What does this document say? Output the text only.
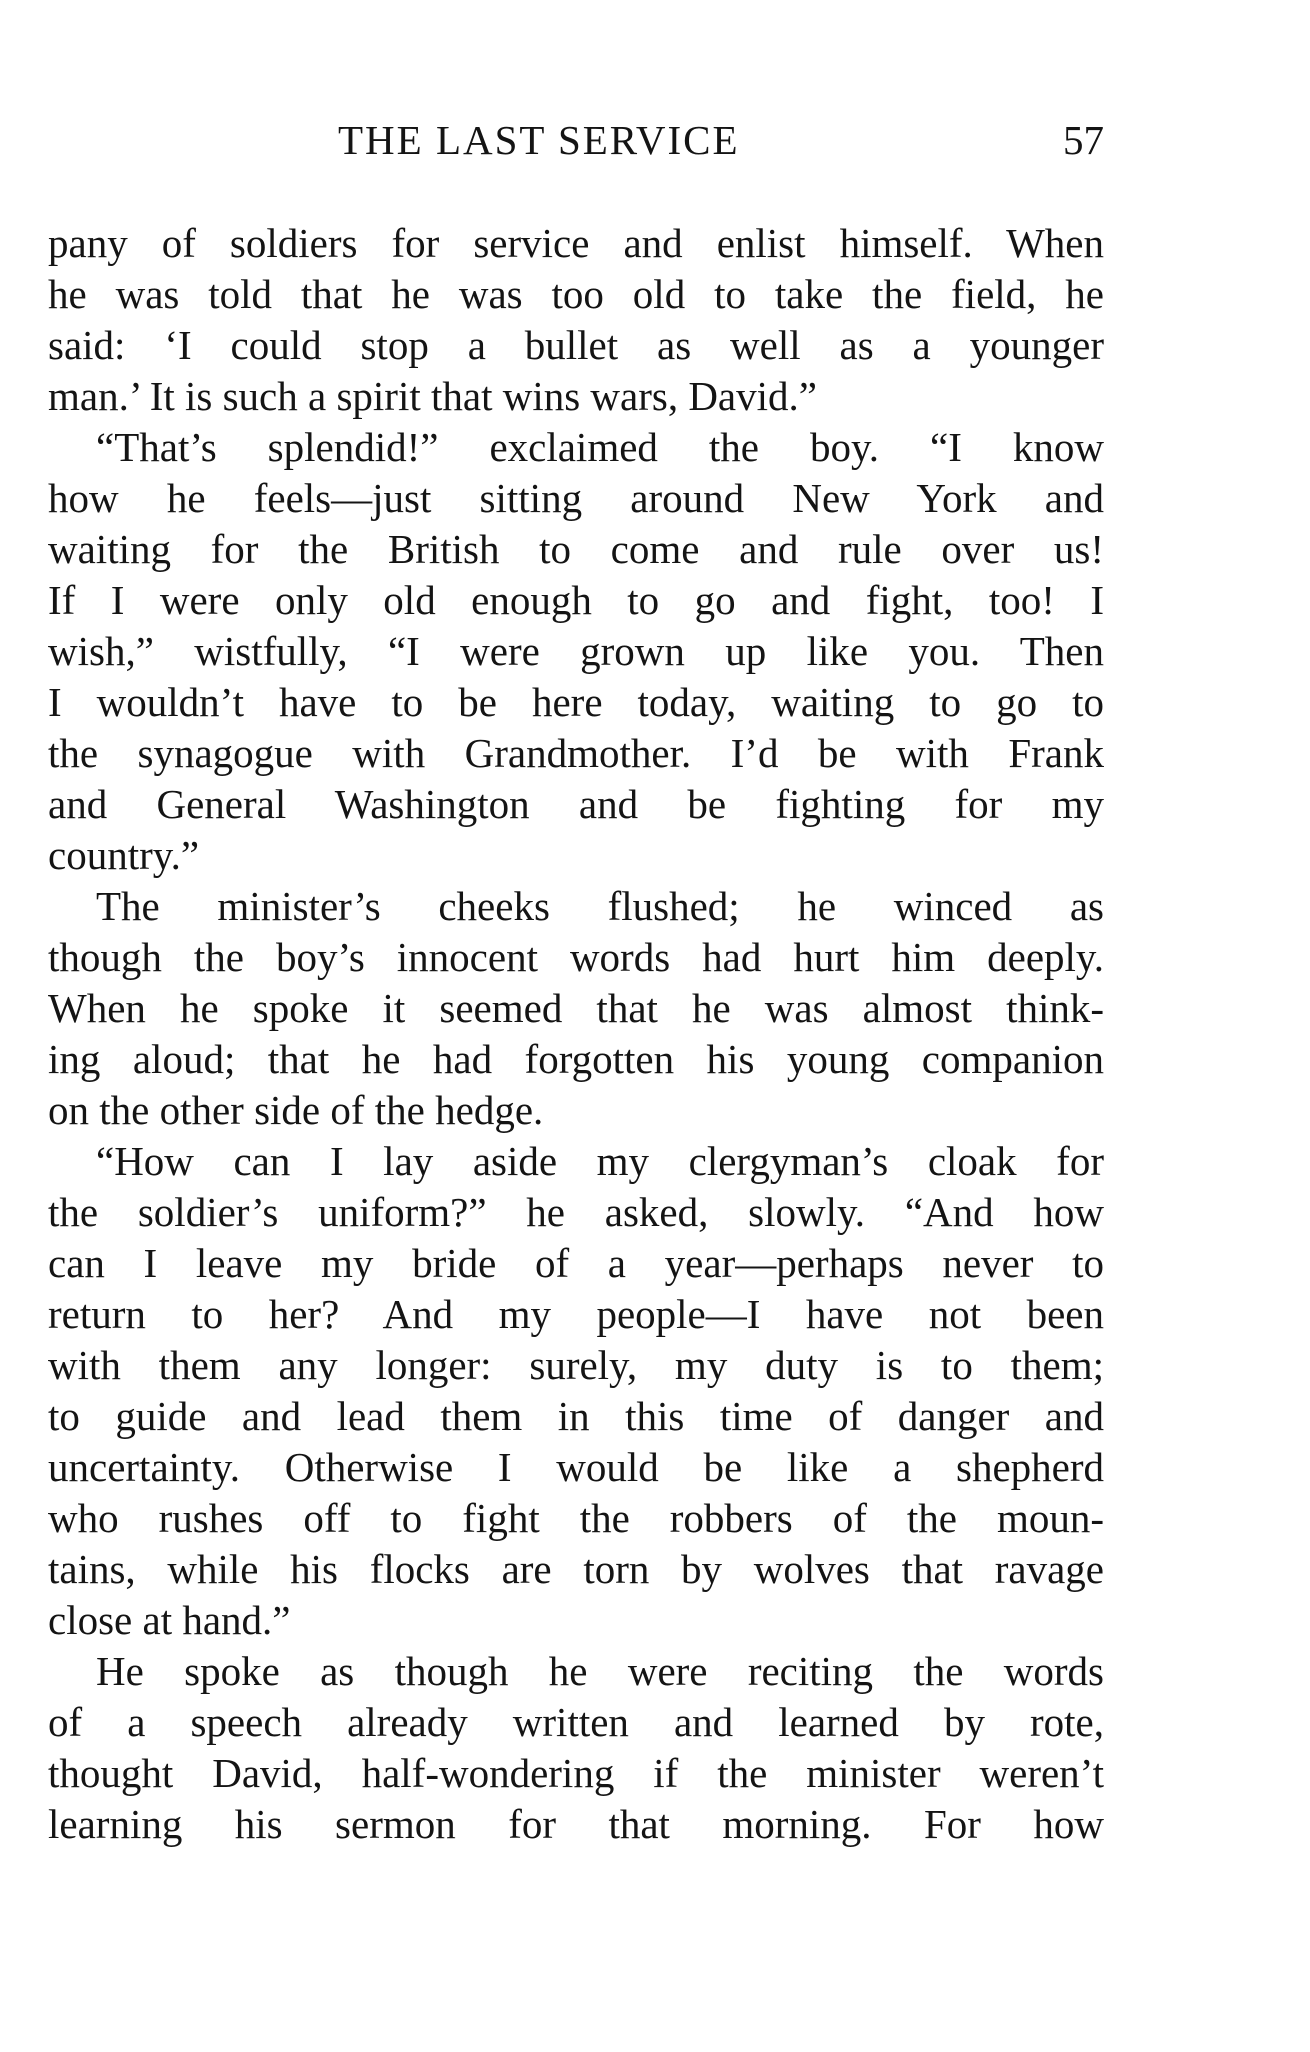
THE LAST SERVICE	57
pany of soldiers for service and enlist himself. When
he was told that he was too old to take the field, he
said: ‘I could stop a bullet as well as a younger
man.’ It is such a spirit that wins wars, David.”
“That’s splendid!” exclaimed the boy. “I know
how he feels—just sitting around New York and
waiting for the British to come and rule over us!
If I were only old enough to go and fight, too! I
wish,” wistfully, “I were grown up like you. Then
I wouldn’t have to be here today, waiting to go to
the synagogue with Grandmother. I’d be with Frank
and General Washington and be fighting for my
country.”
The minister’s cheeks flushed; he winced as
though the boy’s innocent words had hurt him deeply.
When he spoke it seemed that he was almost think-
ing aloud; that he had forgotten his young companion
on the other side of the hedge.
“How can I lay aside my clergyman’s cloak for
the soldier’s uniform?” he asked, slowly. “And how
can I leave my bride of a year—perhaps never to
return to her? And my people—I have not been
with them any longer: surely, my duty is to them;
to guide and lead them in this time of danger and
uncertainty. Otherwise I would be like a shepherd
who rushes off to fight the robbers of the moun-
tains, while his flocks are torn by wolves that ravage
close at hand.”
He spoke as though he were reciting the words
of a speech already written and learned by rote,
thought David, half-wondering if the minister weren’t
learning his sermon for that morning. For how
